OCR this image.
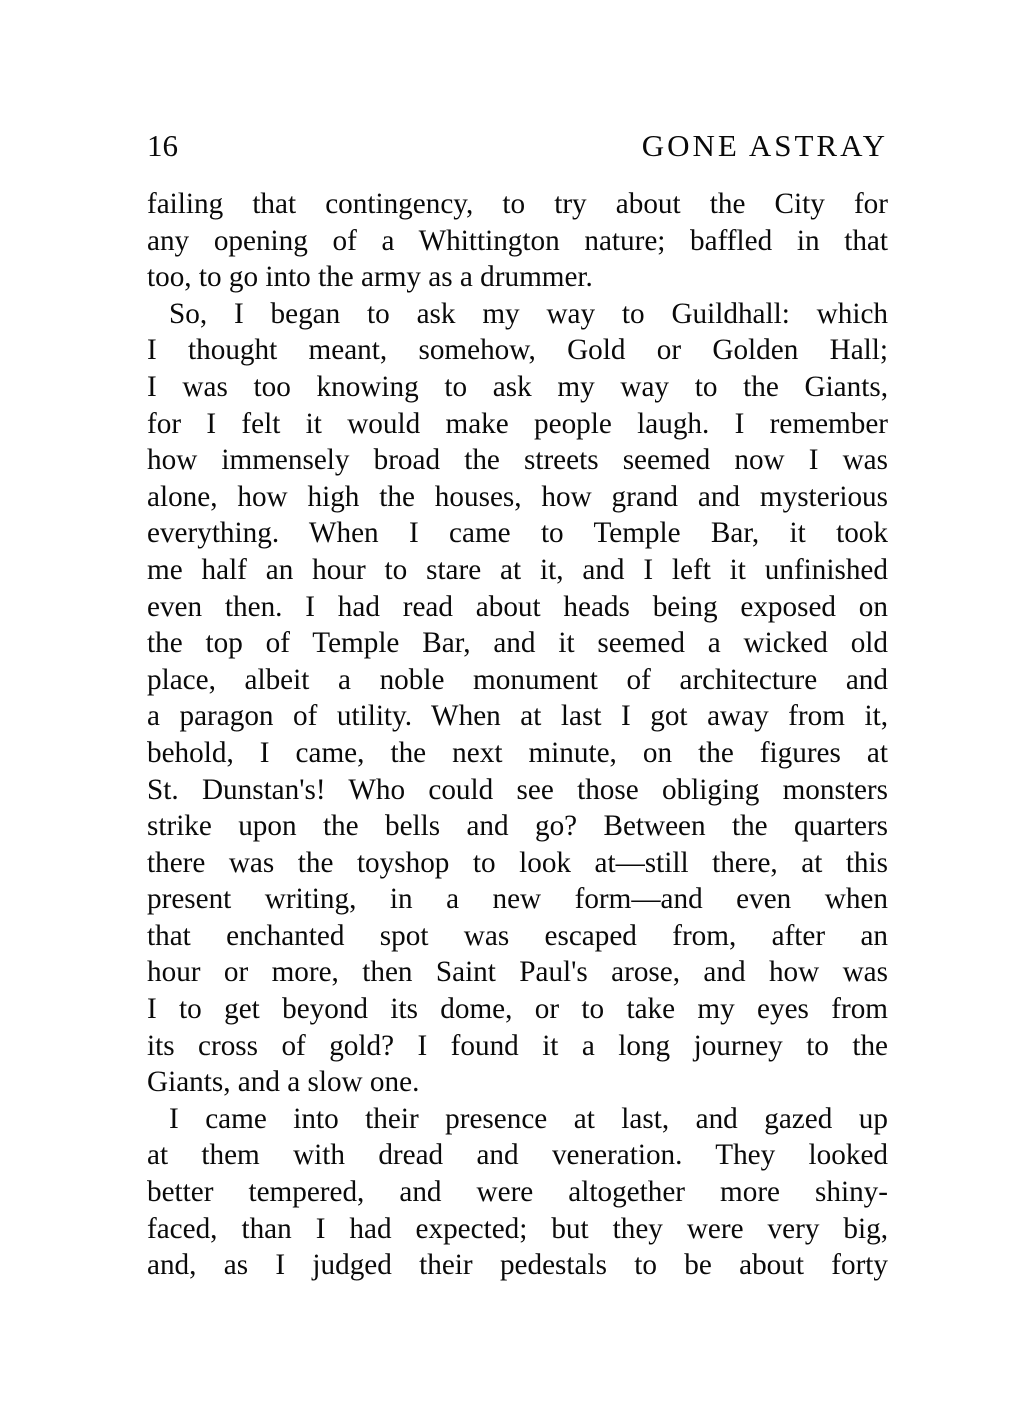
16	GONE ASTRAY

failing that contingency, to try about the City for
any opening of a Whittington nature; baffled in that
too, to go into the army as a drummer.

So, I began to ask my way to Guildhall: which
I thought meant, somehow, Gold or Golden Hall;
I was too knowing to ask my way to the Giants,
for I felt it would make people laugh. I remember
how immensely broad the streets seemed now I was
alone, how high the houses, how grand and mysterious
everything. When I came to Temple Bar, it took
me half an hour to stare at it, and I left it unfinished
even then. I had read about heads being exposed on
the top of Temple Bar, and it seemed a wicked old
place, albeit a noble monument of architecture and
a paragon of utility. When at last I got away from it,
behold, I came, the next minute, on the figures at
St. Dunstan's! Who could see those obliging monsters
strike upon the bells and go? Between the quarters
there was the toyshop to look at—still there, at this
present writing, in a new form—and even when
that enchanted spot was escaped from, after an
hour or more, then Saint Paul's arose, and how was
I to get beyond its dome, or to take my eyes from
its cross of gold? I found it a long journey to the
Giants, and a slow one.

I came into their presence at last, and gazed up
at them with dread and veneration. They looked
better tempered, and were altogether more shiny-
faced, than I had expected; but they were very big,
and, as I judged their pedestals to be about forty
